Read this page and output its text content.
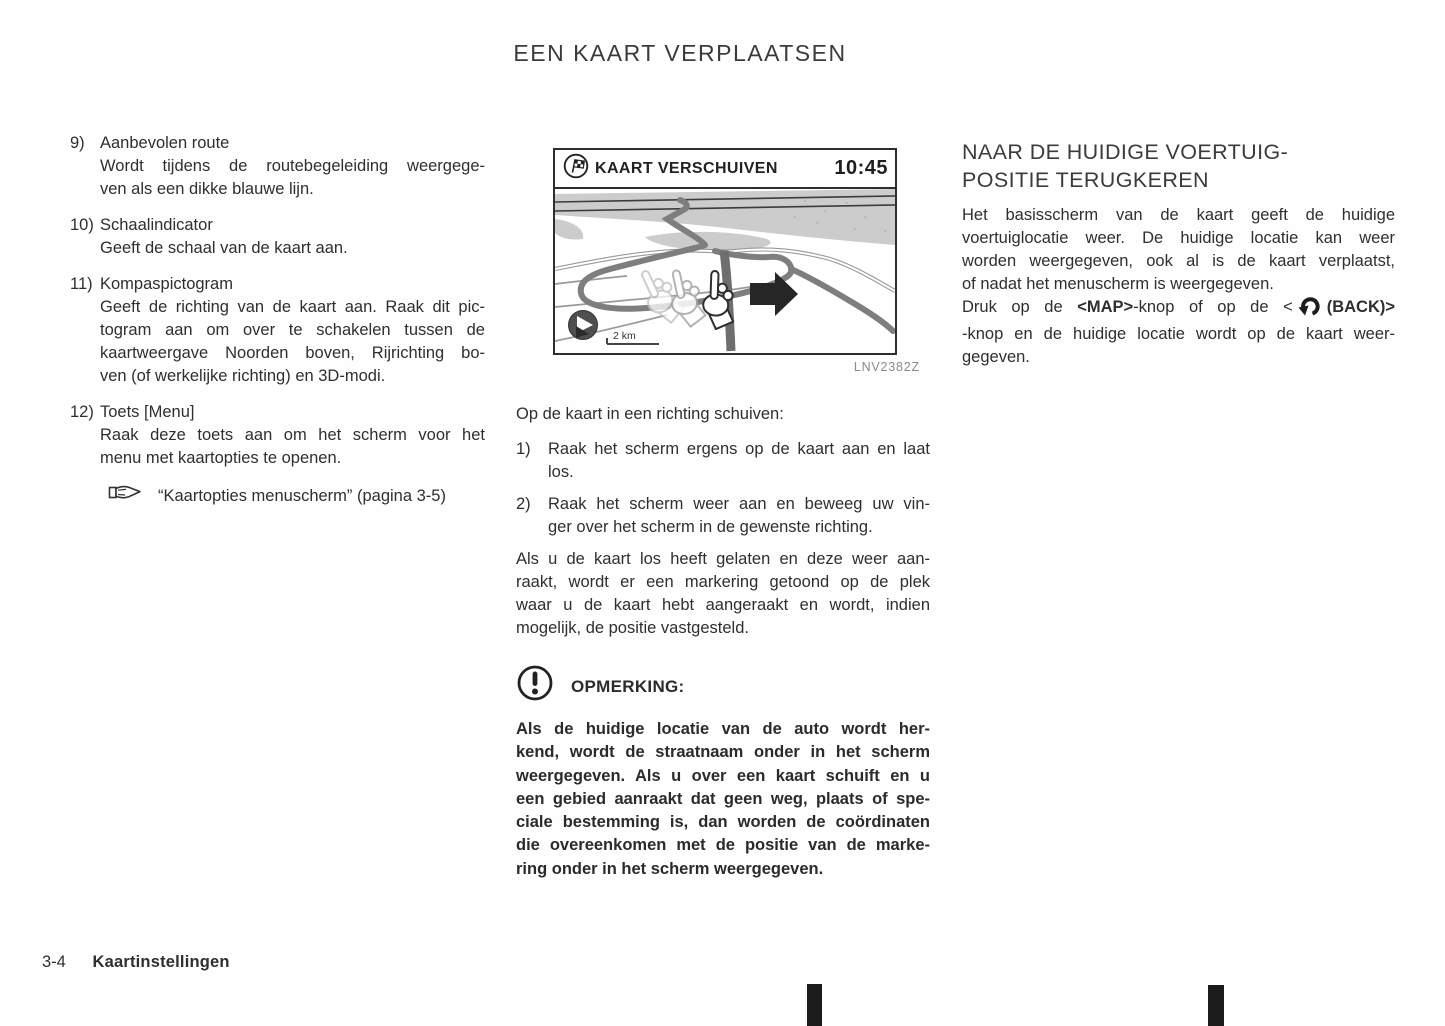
EEN KAART VERPLAATSEN
9) Aanbevolen route
Wordt tijdens de routebegeleiding weergege-
ven als een dikke blauwe lijn.
10) Schaalindicator
Geeft de schaal van de kaart aan.
11) Kompaspictogram
Geeft de richting van de kaart aan. Raak dit pic-
togram aan om over te schakelen tussen de
kaartweergave Noorden boven, Rijrichting bo-
ven (of werkelijke richting) en 3D-modi.
12) Toets [Menu]
Raak deze toets aan om het scherm voor het
menu met kaartopties te openen.
“Kaartopties menuscherm” (pagina 3-5)
KAART VERSCHUIVEN	10:45
2 km
LNV2382Z
Op de kaart in een richting schuiven:
1)	Raak het scherm ergens op de kaart aan en laat
los.
2)	Raak het scherm weer aan en beweeg uw vin-
ger over het scherm in de gewenste richting.
Als u de kaart los heeft gelaten en deze weer aan-
raakt, wordt er een markering getoond op de plek
waar u de kaart hebt aangeraakt en wordt, indien
mogelijk, de positie vastgesteld.
OPMERKING:
Als de huidige locatie van de auto wordt her-
kend, wordt de straatnaam onder in het scherm
weergegeven. Als u over een kaart schuift en u
een gebied aanraakt dat geen weg, plaats of spe-
ciale bestemming is, dan worden de coördinaten
die overeenkomen met de positie van de marke-
ring onder in het scherm weergegeven.
NAAR DE HUIDIGE VOERTUIG-
POSITIE TERUGKEREN
Het basisscherm van de kaart geeft de huidige
voertuiglocatie weer. De huidige locatie kan weer
worden weergegeven, ook al is de kaart verplaatst,
of nadat het menuscherm is weergegeven.
Druk op de <MAP>-knop of op de < (BACK)>
-knop en de huidige locatie wordt op de kaart weer-
gegeven.
3-4 Kaartinstellingen
